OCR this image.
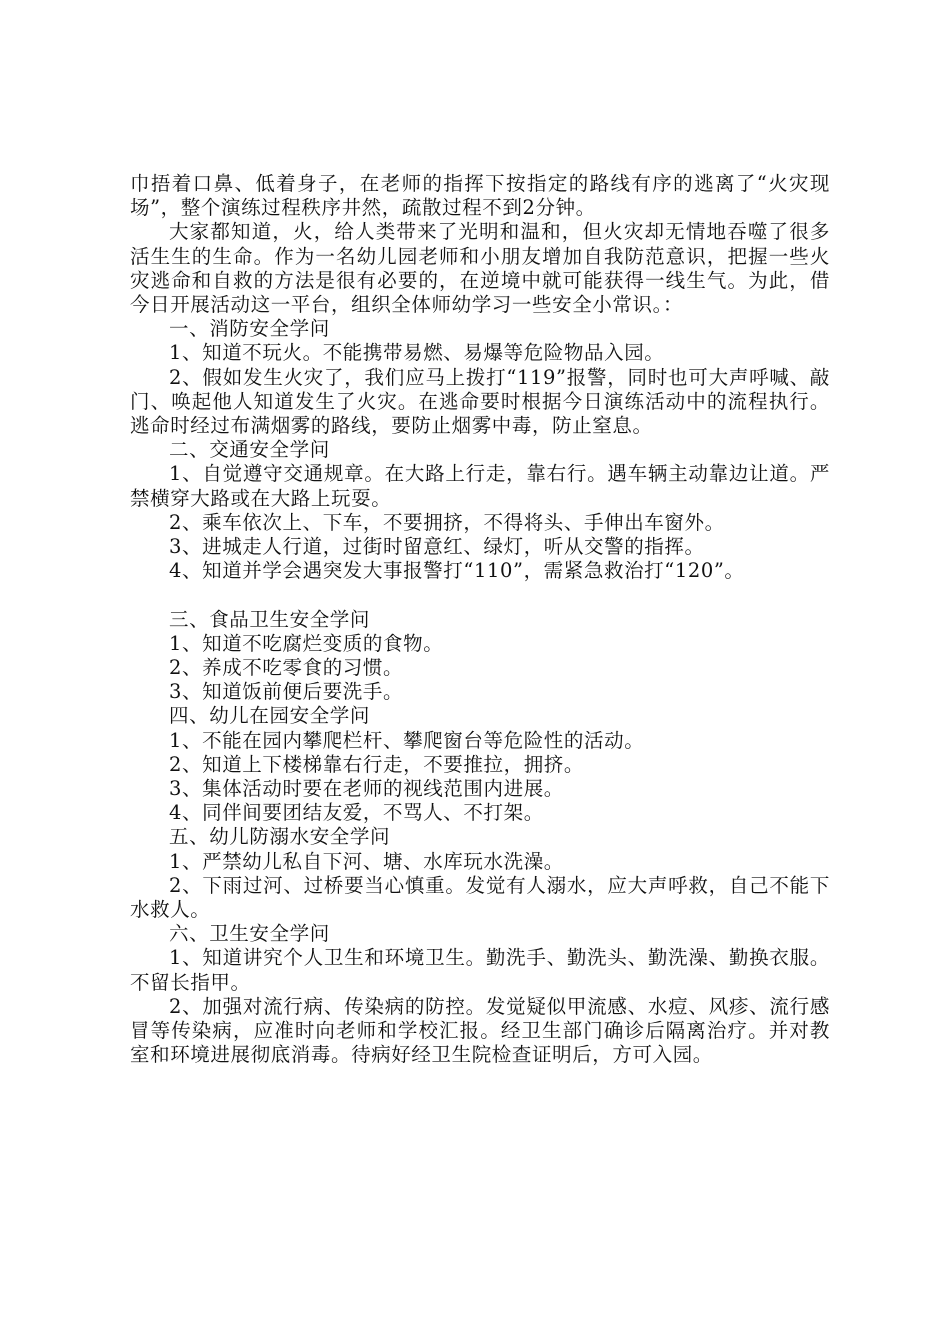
巾捂着口鼻、低着身子，在老师的指挥下按指定的路线有序的逃离了“火灾现场”，整个演练过程秩序井然，疏散过程不到2分钟。

大家都知道，火，给人类带来了光明和温和，但火灾却无情地吞噬了很多活生生的生命。作为一名幼儿园老师和小朋友增加自我防范意识，把握一些火灾逃命和自救的方法是很有必要的，在逆境中就可能获得一线生气。为此，借今日开展活动这一平台，组织全体师幼学习一些安全小常识。：

一、消防安全学问

1、知道不玩火。不能携带易燃、易爆等危险物品入园。

2、假如发生火灾了，我们应马上拨打“119”报警，同时也可大声呼喊、敲门、唤起他人知道发生了火灾。在逃命要时根据今日演练活动中的流程执行。逃命时经过布满烟雾的路线，要防止烟雾中毒，防止窒息。

二、交通安全学问

1、自觉遵守交通规章。在大路上行走，靠右行。遇车辆主动靠边让道。严禁横穿大路或在大路上玩耍。

2、乘车依次上、下车，不要拥挤，不得将头、手伸出车窗外。

3、进城走人行道，过街时留意红、绿灯，听从交警的指挥。

4、知道并学会遇突发大事报警打“110”，需紧急救治打“120”。

三、食品卫生安全学问

1、知道不吃腐烂变质的食物。

2、养成不吃零食的习惯。

3、知道饭前便后要洗手。

四、幼儿在园安全学问

1、不能在园内攀爬栏杆、攀爬窗台等危险性的活动。

2、知道上下楼梯靠右行走，不要推拉，拥挤。

3、集体活动时要在老师的视线范围内进展。

4、同伴间要团结友爱，不骂人、不打架。

五、幼儿防溺水安全学问

1、严禁幼儿私自下河、塘、水库玩水洗澡。

2、下雨过河、过桥要当心慎重。发觉有人溺水，应大声呼救，自己不能下水救人。

六、卫生安全学问

1、知道讲究个人卫生和环境卫生。勤洗手、勤洗头、勤洗澡、勤换衣服。不留长指甲。

2、加强对流行病、传染病的防控。发觉疑似甲流感、水痘、风疹、流行感冒等传染病，应准时向老师和学校汇报。经卫生部门确诊后隔离治疗。并对教室和环境进展彻底消毒。待病好经卫生院检查证明后，方可入园。
